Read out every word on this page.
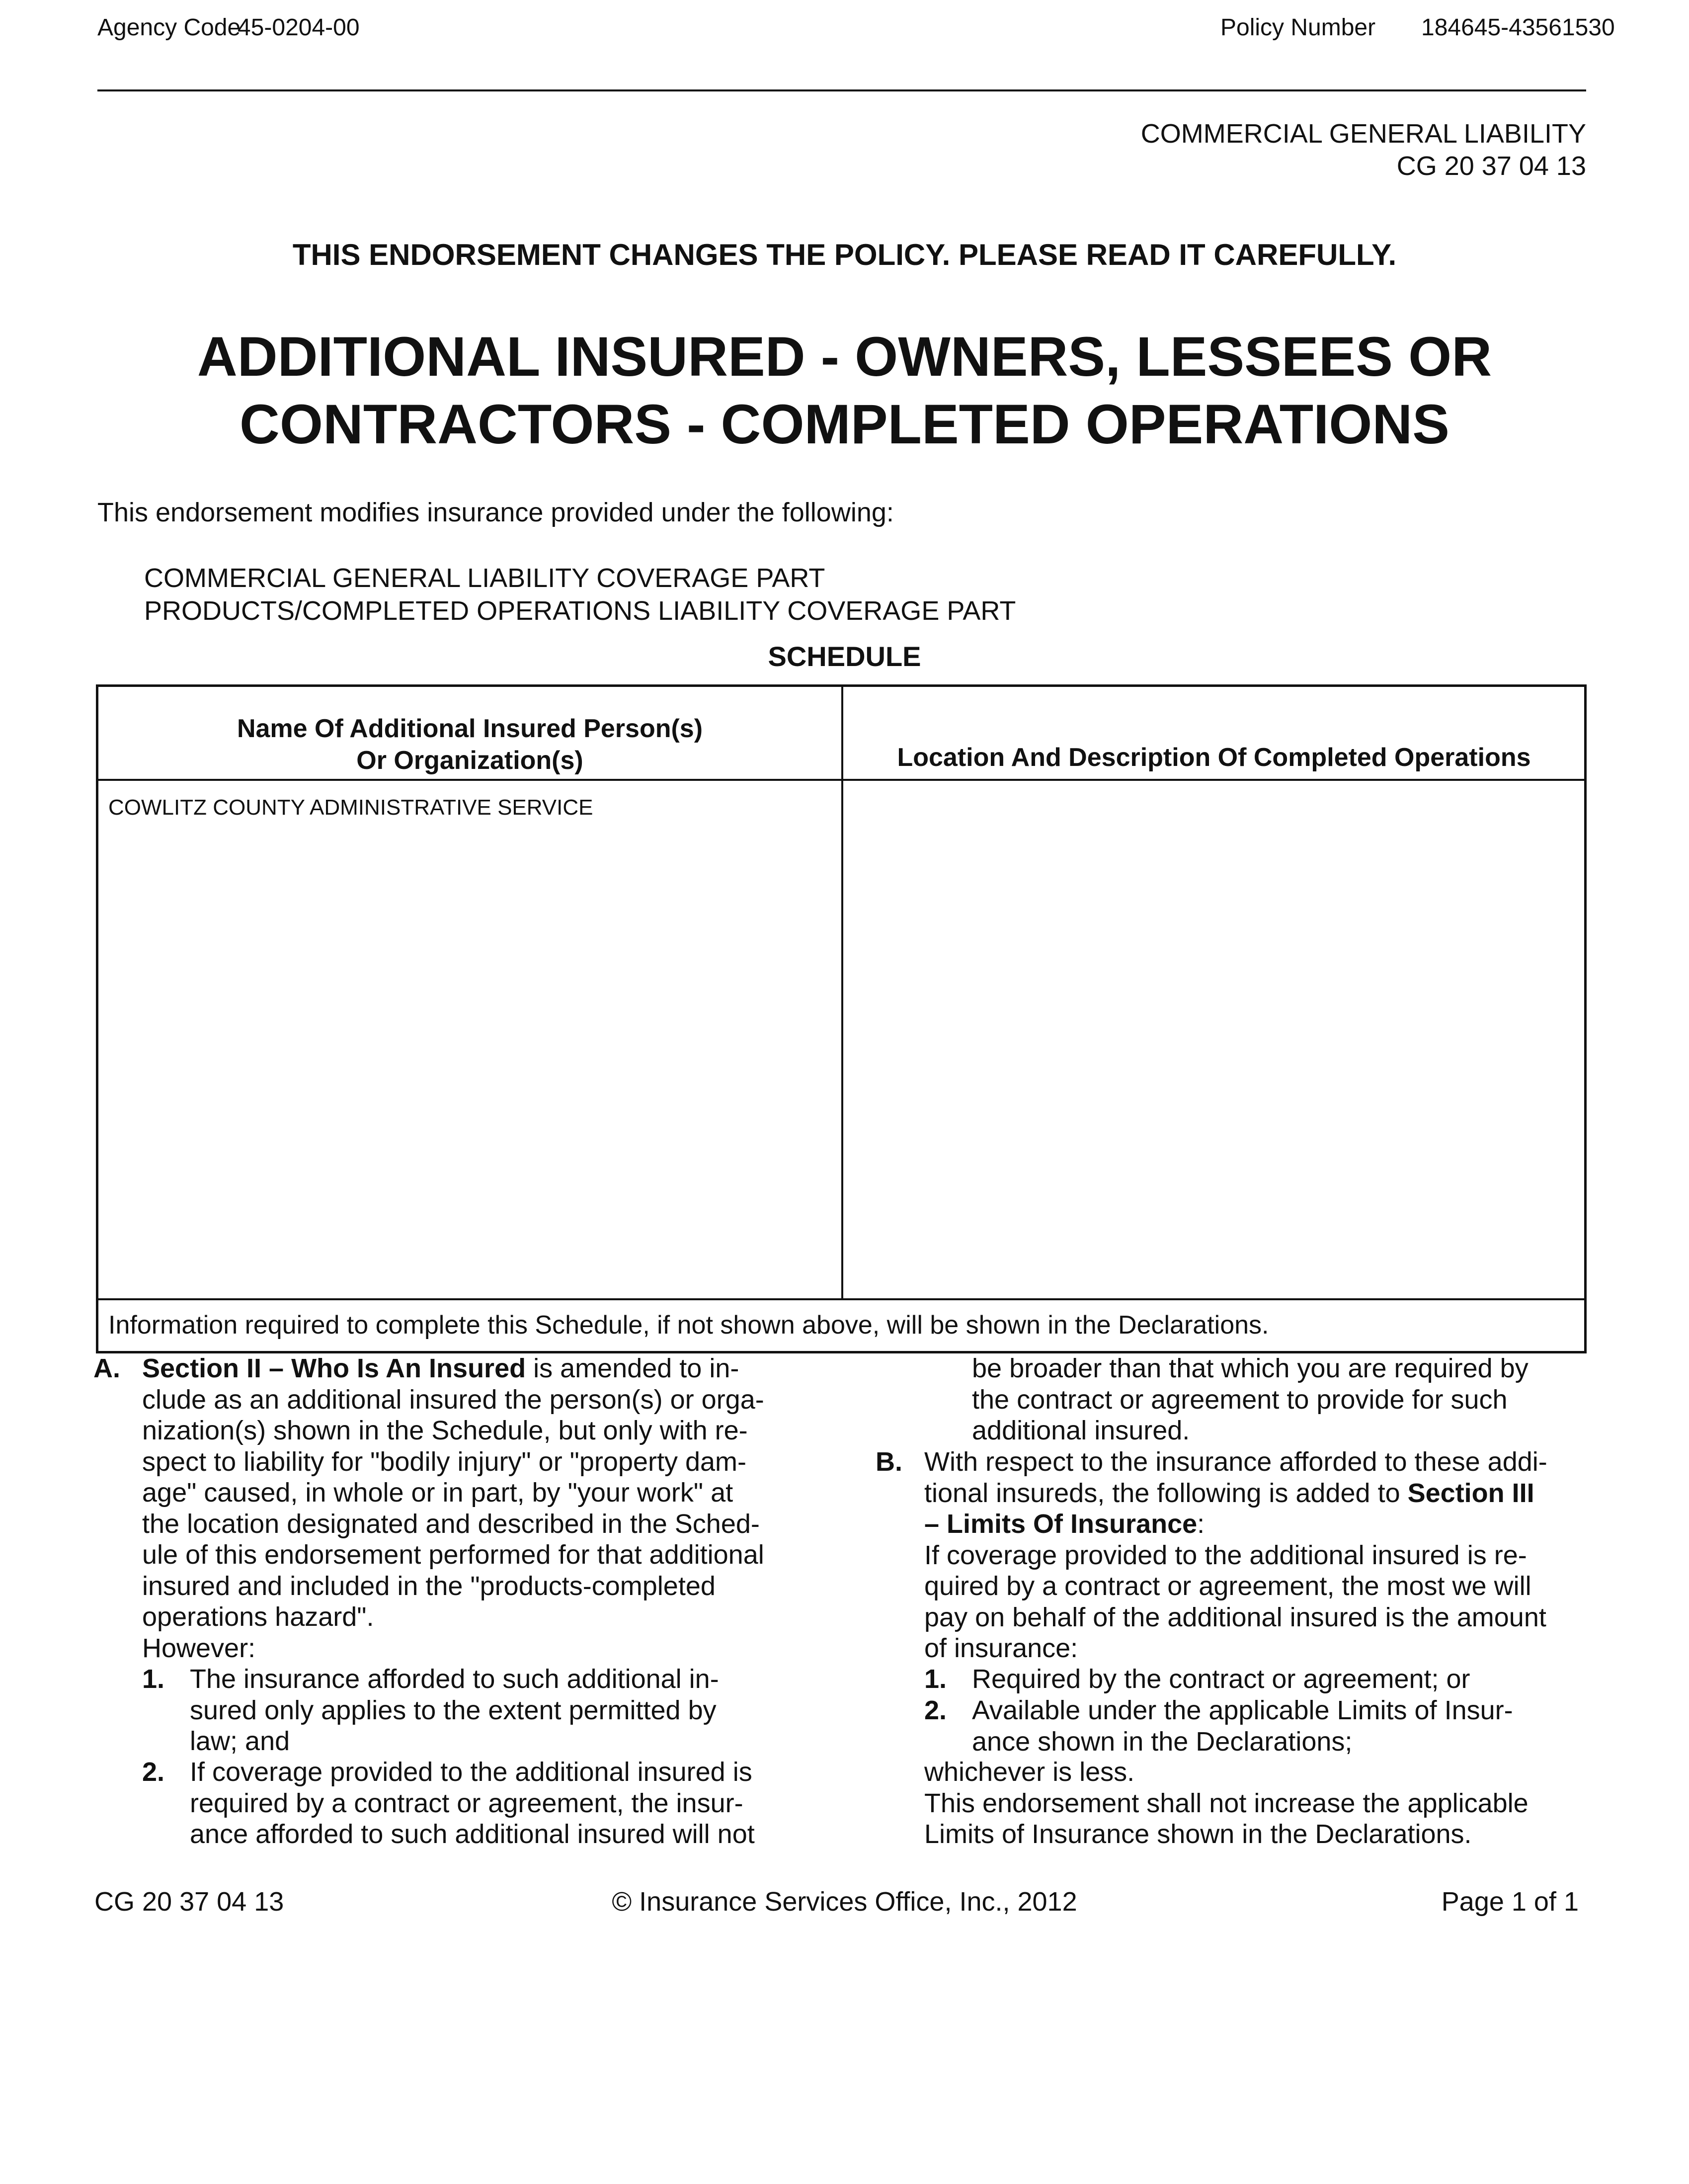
Agency Code
45-0204-00	Policy Number 184645-43561530
COMMERCIAL GENERAL LIABILITY
CG 20 37 04 13
THIS ENDORSEMENT CHANGES THE POLICY. PLEASE READ IT CAREFULLY.
ADDITIONAL INSURED - OWNERS, LESSEES OR
CONTRACTORS - COMPLETED OPERATIONS
This endorsement modifies insurance provided under the following:
COMMERCIAL GENERAL LIABILITY COVERAGE PART
PRODUCTS/COMPLETED OPERATIONS LIABILITY COVERAGE PART
SCHEDULE
Name Of Additional Insured Person(s)
Or Organization(s)	Location And Description Of Completed Operations
COWLITZ COUNTY ADMINISTRATIVE SERVICE
Information required to complete this Schedule, if not shown above, will be shown in the Declarations.
A. Section II – Who Is An Insured is amended to in-
clude as an additional insured the person(s) or orga-
nization(s) shown in the Schedule, but only with re-
spect to liability for "bodily injury" or "property dam-
age" caused, in whole or in part, by "your work" at
the location designated and described in the Sched-
ule of this endorsement performed for that additional
insured and included in the "products-completed
operations hazard".
However:
1. The insurance afforded to such additional in-
sured only applies to the extent permitted by
law; and
2. If coverage provided to the additional insured is
required by a contract or agreement, the insur-
ance afforded to such additional insured will not
be broader than that which you are required by
the contract or agreement to provide for such
additional insured.
B. With respect to the insurance afforded to these addi-
tional insureds, the following is added to Section III
– Limits Of Insurance:
If coverage provided to the additional insured is re-
quired by a contract or agreement, the most we will
pay on behalf of the additional insured is the amount
of insurance:
1. Required by the contract or agreement; or
2. Available under the applicable Limits of Insur-
ance shown in the Declarations;
whichever is less.
This endorsement shall not increase the applicable
Limits of Insurance shown in the Declarations.
CG 20 37 04 13	© Insurance Services Office, Inc., 2012	Page 1 of 1
